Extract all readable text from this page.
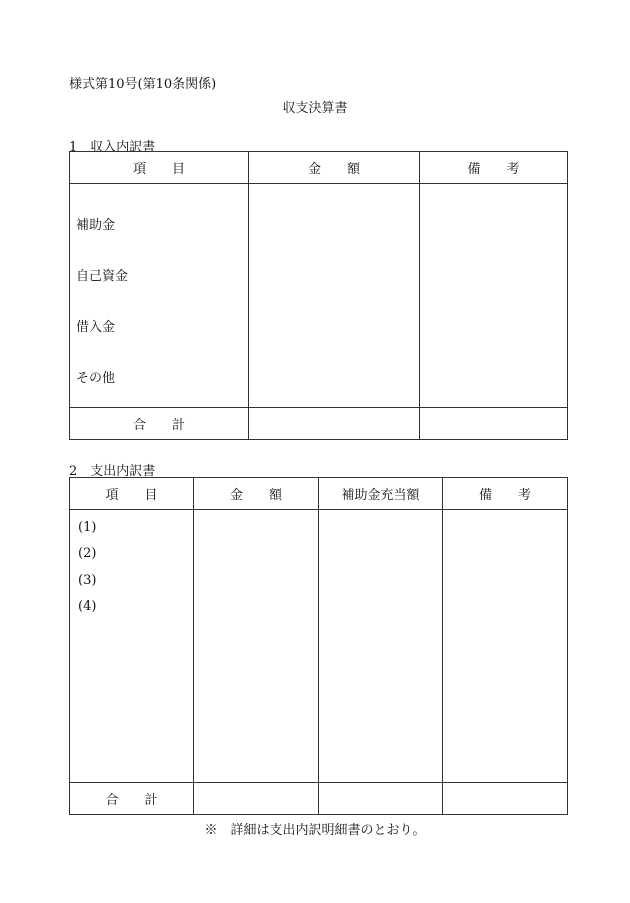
様式第10号(第10条関係)
収支決算書
1　収入内訳書
項　　目	金　　額	備　　考

補助金
自己資金
借入金
その他		

合　　計		
2　支出内訳書
項　　目	金　　額	補助金充当額	備　　考

(1)
(2)
(3)
(4)			

合　　計			
※　詳細は支出内訳明細書のとおり。
